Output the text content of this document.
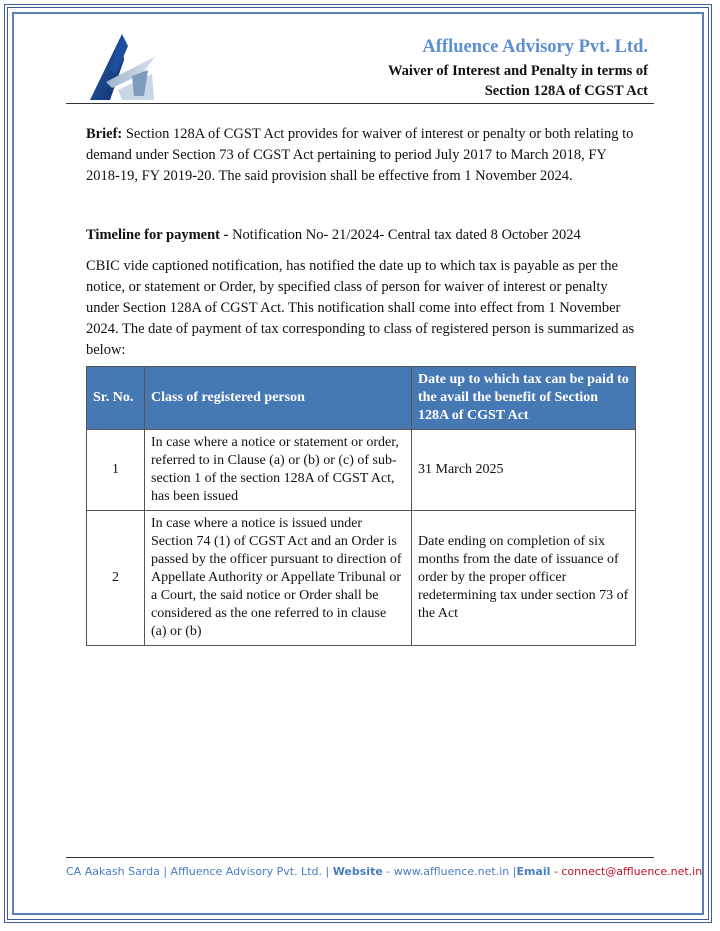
Affluence Advisory Pvt. Ltd.
Waiver of Interest and Penalty in terms of
Section 128A of CGST Act

Brief: Section 128A of CGST Act provides for waiver of interest or penalty or both relating to demand under Section 73 of CGST Act pertaining to period July 2017 to March 2018, FY 2018-19, FY 2019-20. The said provision shall be effective from 1 November 2024.

Timeline for payment - Notification No- 21/2024- Central tax dated 8 October 2024

CBIC vide captioned notification, has notified the date up to which tax is payable as per the notice, or statement or Order, by specified class of person for waiver of interest or penalty under Section 128A of CGST Act. This notification shall come into effect from 1 November 2024. The date of payment of tax corresponding to class of registered person is summarized as below:

Sr. No.	Class of registered person	Date up to which tax can be paid to the avail the benefit of Section 128A of CGST Act
1	In case where a notice or statement or order, referred to in Clause (a) or (b) or (c) of sub-section 1 of the section 128A of CGST Act, has been issued	31 March 2025
2	In case where a notice is issued under Section 74 (1) of CGST Act and an Order is passed by the officer pursuant to direction of Appellate Authority or Appellate Tribunal or a Court, the said notice or Order shall be considered as the one referred to in clause (a) or (b)	Date ending on completion of six months from the date of issuance of order by the proper officer redetermining tax under section 73 of the Act
CA Aakash Sarda | Affluence Advisory Pvt. Ltd. | Website - www.affluence.net.in |Email - connect@affluence.net.in
